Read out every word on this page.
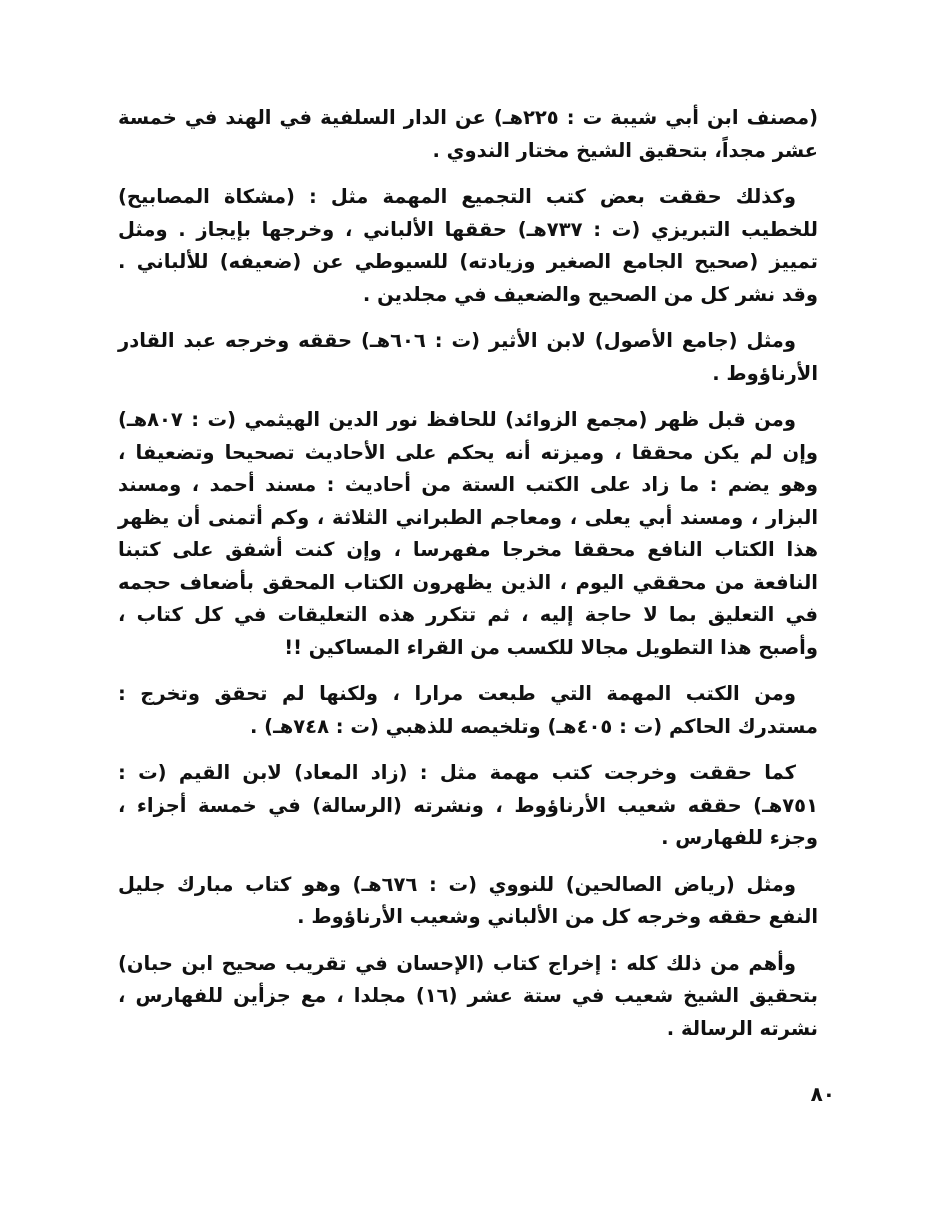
(مصنف ابن أبي شيبة ت : ٢٢٥هـ) عن الدار السلفية في الهند في خمسة عشر مجداً، بتحقيق الشيخ مختار الندوي .

وكذلك حققت بعض كتب التجميع المهمة مثل : (مشكاة المصابيح) للخطيب التبريزي (ت : ٧٣٧هـ) حققها الألباني ، وخرجها بإيجاز . ومثل تمييز (صحيح الجامع الصغير وزيادته) للسيوطي عن (ضعيفه) للألباني . وقد نشر كل من الصحيح والضعيف في مجلدين .

ومثل (جامع الأصول) لابن الأثير (ت : ٦٠٦هـ) حققه وخرجه عبد القادر الأرناؤوط .

ومن قبل ظهر (مجمع الزوائد) للحافظ نور الدين الهيثمي (ت : ٨٠٧هـ) وإن لم يكن محققا ، وميزته أنه يحكم على الأحاديث تصحيحا وتضعيفا ، وهو يضم : ما زاد على الكتب الستة من أحاديث : مسند أحمد ، ومسند البزار ، ومسند أبي يعلى ، ومعاجم الطبراني الثلاثة ، وكم أتمنى أن يظهر هذا الكتاب النافع محققا مخرجا مفهرسا ، وإن كنت أشفق على كتبنا النافعة من محققي اليوم ، الذين يظهرون الكتاب المحقق بأضعاف حجمه في التعليق بما لا حاجة إليه ، ثم تتكرر هذه التعليقات في كل كتاب ، وأصبح هذا التطويل مجالا للكسب من القراء المساكين !!

ومن الكتب المهمة التي طبعت مرارا ، ولكنها لم تحقق وتخرج : مستدرك الحاكم (ت : ٤٠٥هـ) وتلخيصه للذهبي (ت : ٧٤٨هـ) .

كما حققت وخرجت كتب مهمة مثل : (زاد المعاد) لابن القيم (ت : ٧٥١هـ) حققه شعيب الأرناؤوط ، ونشرته (الرسالة) في خمسة أجزاء ، وجزء للفهارس .

ومثل (رياض الصالحين) للنووي (ت : ٦٧٦هـ) وهو كتاب مبارك جليل النفع حققه وخرجه كل من الألباني وشعيب الأرناؤوط .

وأهم من ذلك كله : إخراج كتاب (الإحسان في تقريب صحيح ابن حبان) بتحقيق الشيخ شعيب في ستة عشر (١٦) مجلدا ، مع جزأين للفهارس ، نشرته الرسالة .

٨٠
